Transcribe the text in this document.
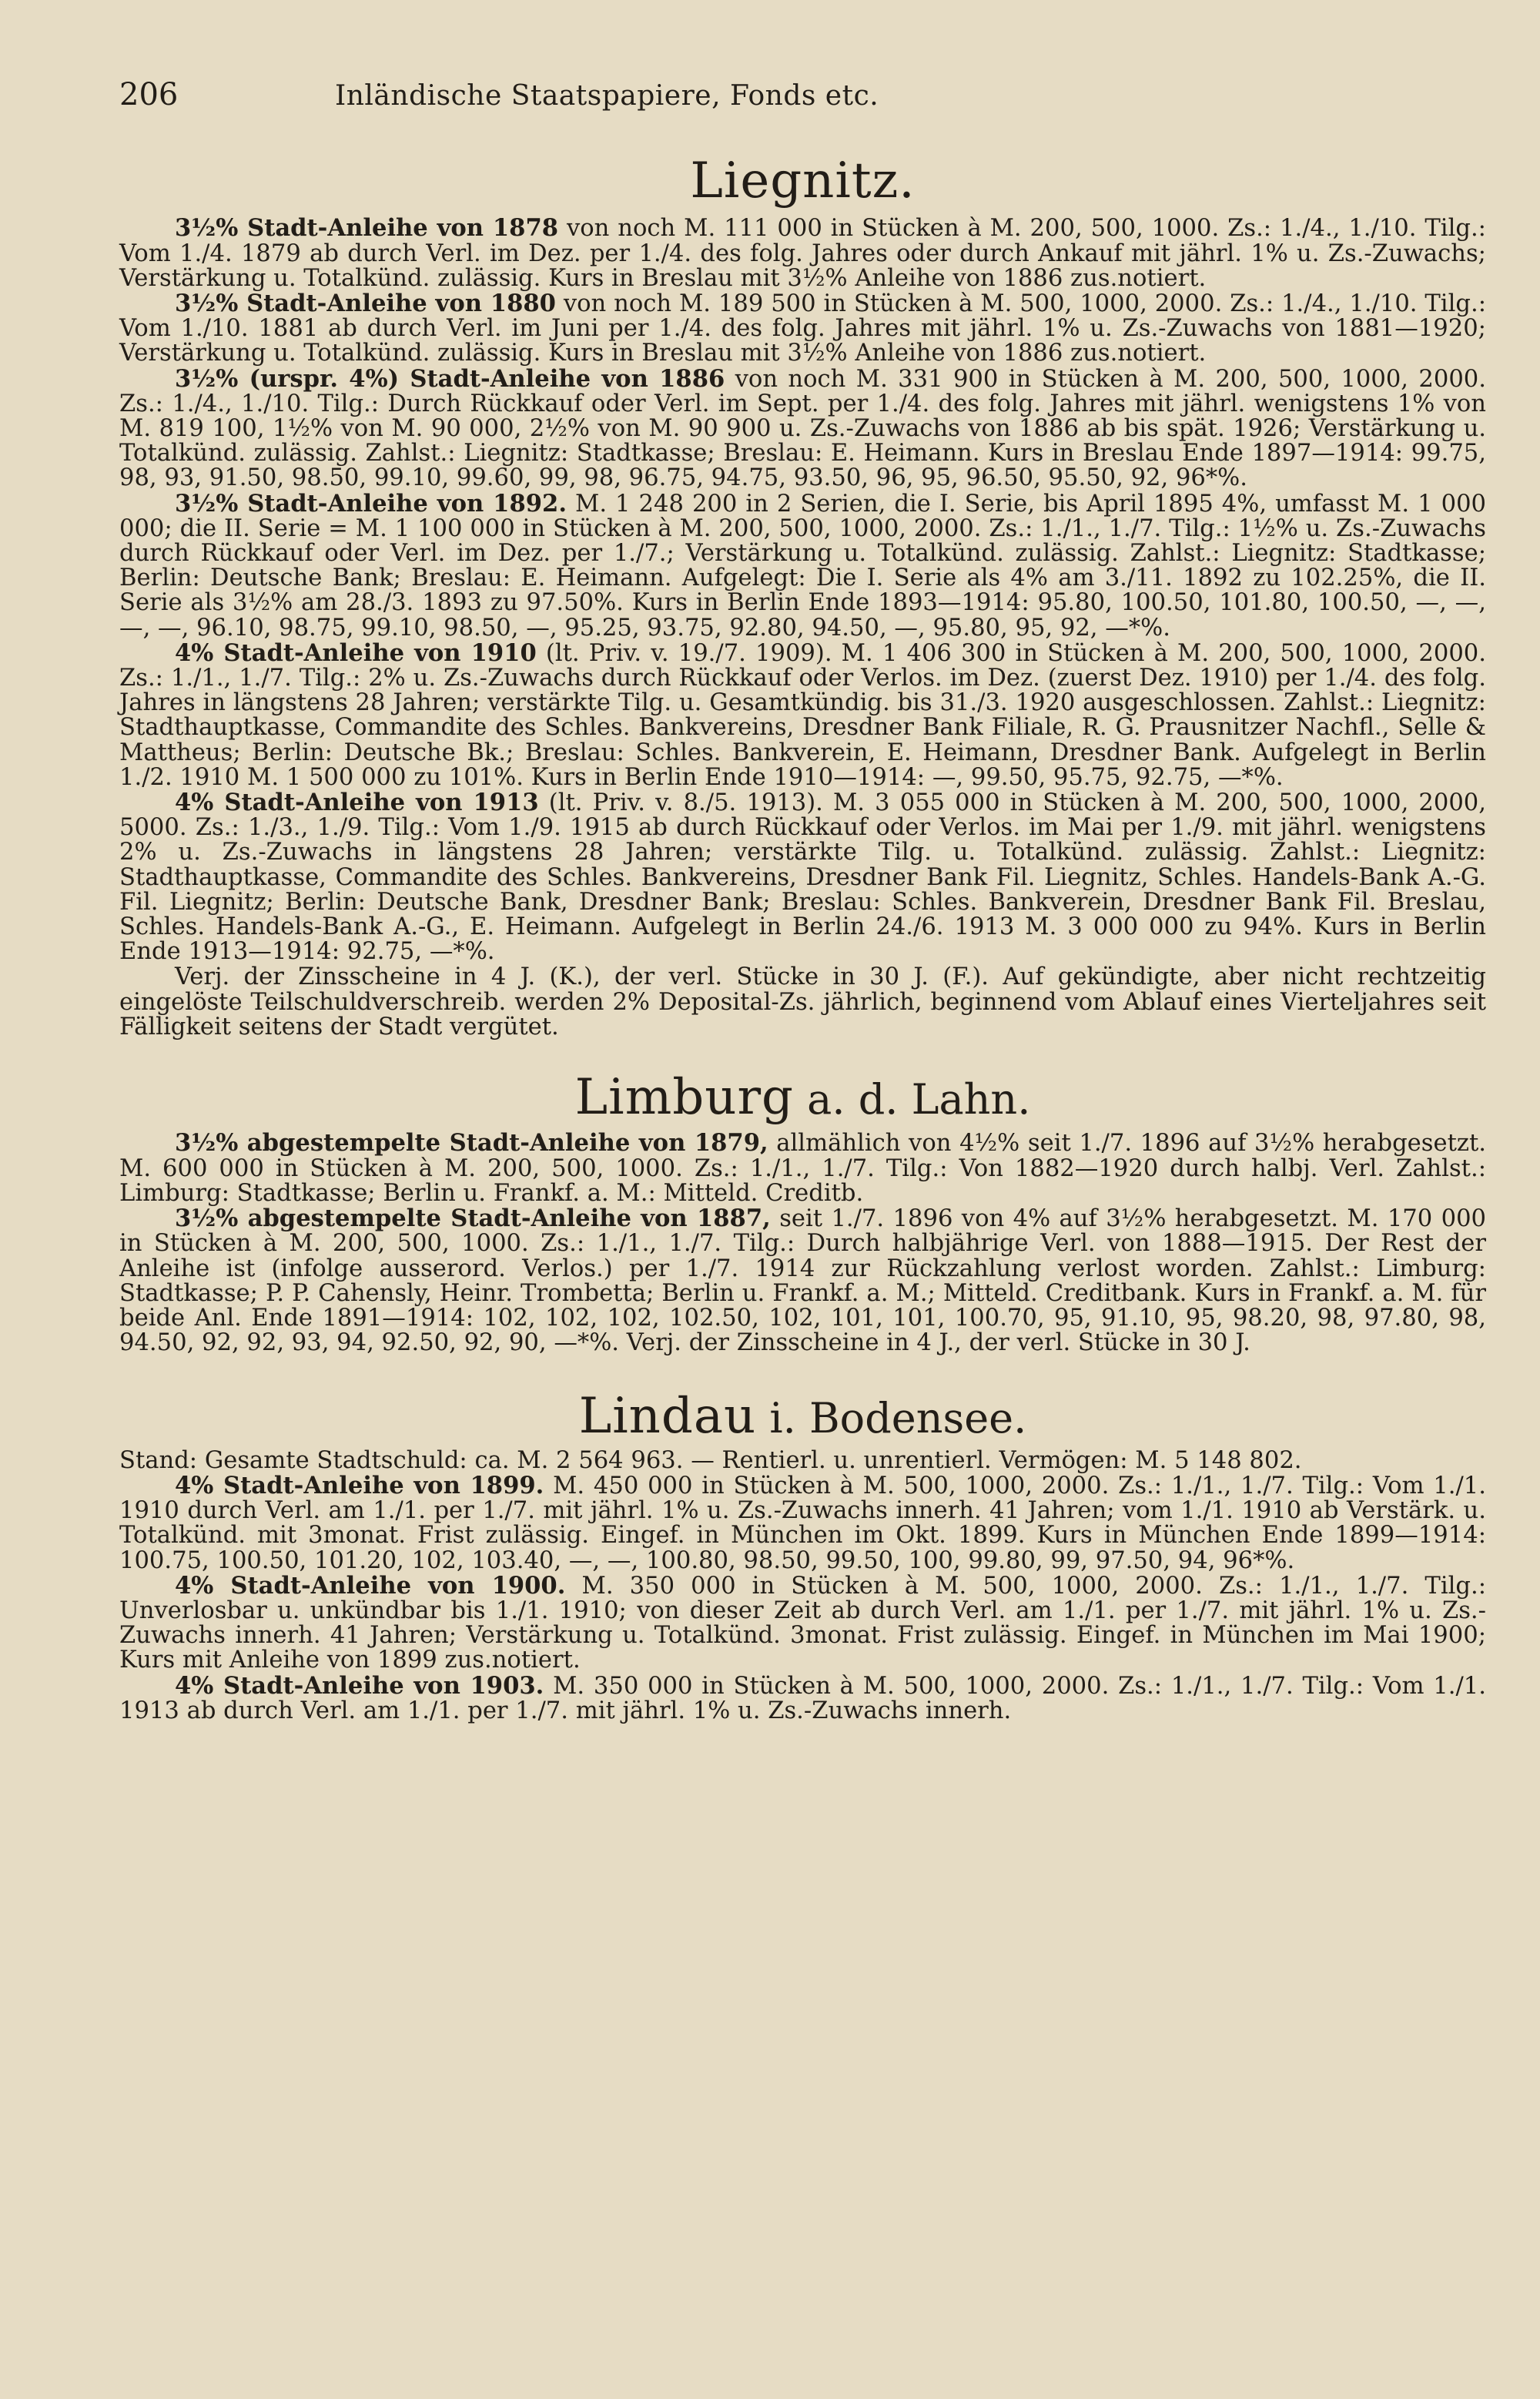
206	Inländische Staatspapiere, Fonds etc.
Liegnitz.

3½% Stadt-Anleihe von 1878 von noch M. 111 000 in Stücken à M. 200, 500, 1000. Zs.: 1./4., 1./10. Tilg.: Vom 1./4. 1879 ab durch Verl. im Dez. per 1./4. des folg. Jahres oder durch Ankauf mit jährl. 1% u. Zs.-Zuwachs; Verstärkung u. Totalkünd. zulässig. Kurs in Breslau mit 3½% Anleihe von 1886 zus.notiert.

3½% Stadt-Anleihe von 1880 von noch M. 189 500 in Stücken à M. 500, 1000, 2000. Zs.: 1./4., 1./10. Tilg.: Vom 1./10. 1881 ab durch Verl. im Juni per 1./4. des folg. Jahres mit jährl. 1% u. Zs.-Zuwachs von 1881—1920; Verstärkung u. Totalkünd. zulässig. Kurs in Breslau mit 3½% Anleihe von 1886 zus.notiert.

3½% (urspr. 4%) Stadt-Anleihe von 1886 von noch M. 331 900 in Stücken à M. 200, 500, 1000, 2000. Zs.: 1./4., 1./10. Tilg.: Durch Rückkauf oder Verl. im Sept. per 1./4. des folg. Jahres mit jährl. wenigstens 1% von M. 819 100, 1½% von M. 90 000, 2½% von M. 90 900 u. Zs.-Zuwachs von 1886 ab bis spät. 1926; Verstärkung u. Totalkünd. zulässig. Zahlst.: Liegnitz: Stadtkasse; Breslau: E. Heimann. Kurs in Breslau Ende 1897—1914: 99.75, 98, 93, 91.50, 98.50, 99.10, 99.60, 99, 98, 96.75, 94.75, 93.50, 96, 95, 96.50, 95.50, 92, 96*%.

3½% Stadt-Anleihe von 1892. M. 1 248 200 in 2 Serien, die I. Serie, bis April 1895 4%, umfasst M. 1 000 000; die II. Serie = M. 1 100 000 in Stücken à M. 200, 500, 1000, 2000. Zs.: 1./1., 1./7. Tilg.: 1½% u. Zs.-Zuwachs durch Rückkauf oder Verl. im Dez. per 1./7.; Verstärkung u. Totalkünd. zulässig. Zahlst.: Liegnitz: Stadtkasse; Berlin: Deutsche Bank; Breslau: E. Heimann. Aufgelegt: Die I. Serie als 4% am 3./11. 1892 zu 102.25%, die II. Serie als 3½% am 28./3. 1893 zu 97.50%. Kurs in Berlin Ende 1893—1914: 95.80, 100.50, 101.80, 100.50, —, —, —, —, 96.10, 98.75, 99.10, 98.50, —, 95.25, 93.75, 92.80, 94.50, —, 95.80, 95, 92, —*%.

4% Stadt-Anleihe von 1910 (lt. Priv. v. 19./7. 1909). M. 1 406 300 in Stücken à M. 200, 500, 1000, 2000. Zs.: 1./1., 1./7. Tilg.: 2% u. Zs.-Zuwachs durch Rückkauf oder Verlos. im Dez. (zuerst Dez. 1910) per 1./4. des folg. Jahres in längstens 28 Jahren; verstärkte Tilg. u. Gesamtkündig. bis 31./3. 1920 ausgeschlossen. Zahlst.: Liegnitz: Stadthauptkasse, Commandite des Schles. Bankvereins, Dresdner Bank Filiale, R. G. Prausnitzer Nachfl., Selle & Mattheus; Berlin: Deutsche Bk.; Breslau: Schles. Bankverein, E. Heimann, Dresdner Bank. Aufgelegt in Berlin 1./2. 1910 M. 1 500 000 zu 101%. Kurs in Berlin Ende 1910—1914: —, 99.50, 95.75, 92.75, —*%.

4% Stadt-Anleihe von 1913 (lt. Priv. v. 8./5. 1913). M. 3 055 000 in Stücken à M. 200, 500, 1000, 2000, 5000. Zs.: 1./3., 1./9. Tilg.: Vom 1./9. 1915 ab durch Rückkauf oder Verlos. im Mai per 1./9. mit jährl. wenigstens 2% u. Zs.-Zuwachs in längstens 28 Jahren; verstärkte Tilg. u. Totalkünd. zulässig. Zahlst.: Liegnitz: Stadthauptkasse, Commandite des Schles. Bankvereins, Dresdner Bank Fil. Liegnitz, Schles. Handels-Bank A.-G. Fil. Liegnitz; Berlin: Deutsche Bank, Dresdner Bank; Breslau: Schles. Bankverein, Dresdner Bank Fil. Breslau, Schles. Handels-Bank A.-G., E. Heimann. Aufgelegt in Berlin 24./6. 1913 M. 3 000 000 zu 94%. Kurs in Berlin Ende 1913—1914: 92.75, —*%.

Verj. der Zinsscheine in 4 J. (K.), der verl. Stücke in 30 J. (F.). Auf gekündigte, aber nicht rechtzeitig eingelöste Teilschuldverschreib. werden 2% Deposital-Zs. jährlich, beginnend vom Ablauf eines Vierteljahres seit Fälligkeit seitens der Stadt vergütet.

Limburg a. d. Lahn.

3½% abgestempelte Stadt-Anleihe von 1879, allmählich von 4½% seit 1./7. 1896 auf 3½% herabgesetzt. M. 600 000 in Stücken à M. 200, 500, 1000. Zs.: 1./1., 1./7. Tilg.: Von 1882—1920 durch halbj. Verl. Zahlst.: Limburg: Stadtkasse; Berlin u. Frankf. a. M.: Mitteld. Creditb.

3½% abgestempelte Stadt-Anleihe von 1887, seit 1./7. 1896 von 4% auf 3½% herabgesetzt. M. 170 000 in Stücken à M. 200, 500, 1000. Zs.: 1./1., 1./7. Tilg.: Durch halbjährige Verl. von 1888—1915. Der Rest der Anleihe ist (infolge ausserord. Verlos.) per 1./7. 1914 zur Rückzahlung verlost worden. Zahlst.: Limburg: Stadtkasse; P. P. Cahensly, Heinr. Trombetta; Berlin u. Frankf. a. M.; Mitteld. Creditbank. Kurs in Frankf. a. M. für beide Anl. Ende 1891—1914: 102, 102, 102, 102.50, 102, 101, 101, 100.70, 95, 91.10, 95, 98.20, 98, 97.80, 98, 94.50, 92, 92, 93, 94, 92.50, 92, 90, —*%. Verj. der Zinsscheine in 4 J., der verl. Stücke in 30 J.

Lindau i. Bodensee.

Stand: Gesamte Stadtschuld: ca. M. 2 564 963. — Rentierl. u. unrentierl. Vermögen: M. 5 148 802.

4% Stadt-Anleihe von 1899. M. 450 000 in Stücken à M. 500, 1000, 2000. Zs.: 1./1., 1./7. Tilg.: Vom 1./1. 1910 durch Verl. am 1./1. per 1./7. mit jährl. 1% u. Zs.-Zuwachs innerh. 41 Jahren; vom 1./1. 1910 ab Verstärk. u. Totalkünd. mit 3monat. Frist zulässig. Eingef. in München im Okt. 1899. Kurs in München Ende 1899—1914: 100.75, 100.50, 101.20, 102, 103.40, —, —, 100.80, 98.50, 99.50, 100, 99.80, 99, 97.50, 94, 96*%.

4% Stadt-Anleihe von 1900. M. 350 000 in Stücken à M. 500, 1000, 2000. Zs.: 1./1., 1./7. Tilg.: Unverlosbar u. unkündbar bis 1./1. 1910; von dieser Zeit ab durch Verl. am 1./1. per 1./7. mit jährl. 1% u. Zs.-Zuwachs innerh. 41 Jahren; Verstärkung u. Totalkünd. 3monat. Frist zulässig. Eingef. in München im Mai 1900; Kurs mit Anleihe von 1899 zus.notiert.

4% Stadt-Anleihe von 1903. M. 350 000 in Stücken à M. 500, 1000, 2000. Zs.: 1./1., 1./7. Tilg.: Vom 1./1. 1913 ab durch Verl. am 1./1. per 1./7. mit jährl. 1% u. Zs.-Zuwachs innerh.
